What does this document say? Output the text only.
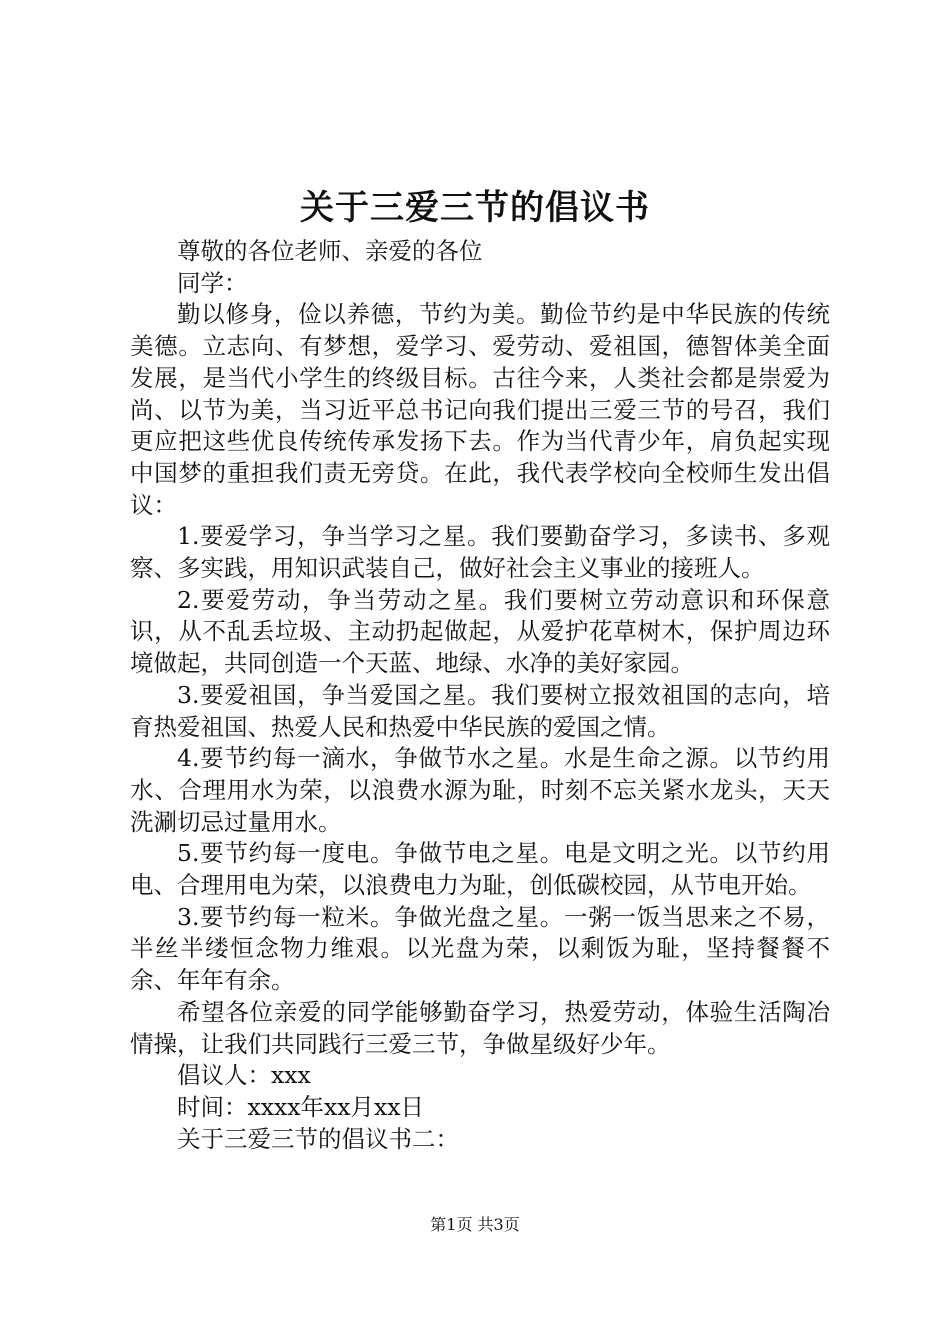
关于三爱三节的倡议书

尊敬的各位老师、亲爱的各位

同学：

勤以修身，俭以养德，节约为美。勤俭节约是中华民族的传统美德。立志向、有梦想，爱学习、爱劳动、爱祖国，德智体美全面发展，是当代小学生的终级目标。古往今来，人类社会都是崇爱为尚、以节为美，当习近平总书记向我们提出三爱三节的号召，我们更应把这些优良传统传承发扬下去。作为当代青少年，肩负起实现中国梦的重担我们责无旁贷。在此，我代表学校向全校师生发出倡议：

1.要爱学习，争当学习之星。我们要勤奋学习，多读书、多观察、多实践，用知识武装自己，做好社会主义事业的接班人。

2.要爱劳动，争当劳动之星。我们要树立劳动意识和环保意识，从不乱丢垃圾、主动扔起做起，从爱护花草树木，保护周边环境做起，共同创造一个天蓝、地绿、水净的美好家园。

3.要爱祖国，争当爱国之星。我们要树立报效祖国的志向，培育热爱祖国、热爱人民和热爱中华民族的爱国之情。

4.要节约每一滴水，争做节水之星。水是生命之源。以节约用水、合理用水为荣，以浪费水源为耻，时刻不忘关紧水龙头，天天洗涮切忌过量用水。

5.要节约每一度电。争做节电之星。电是文明之光。以节约用电、合理用电为荣，以浪费电力为耻，创低碳校园，从节电开始。

3.要节约每一粒米。争做光盘之星。一粥一饭当思来之不易，半丝半缕恒念物力维艰。以光盘为荣，以剩饭为耻，坚持餐餐不余、年年有余。

希望各位亲爱的同学能够勤奋学习，热爱劳动，体验生活陶冶情操，让我们共同践行三爱三节，争做星级好少年。

倡议人：xxx

时间：xxxx年xx月xx日

关于三爱三节的倡议书二：

第1页 共3页
